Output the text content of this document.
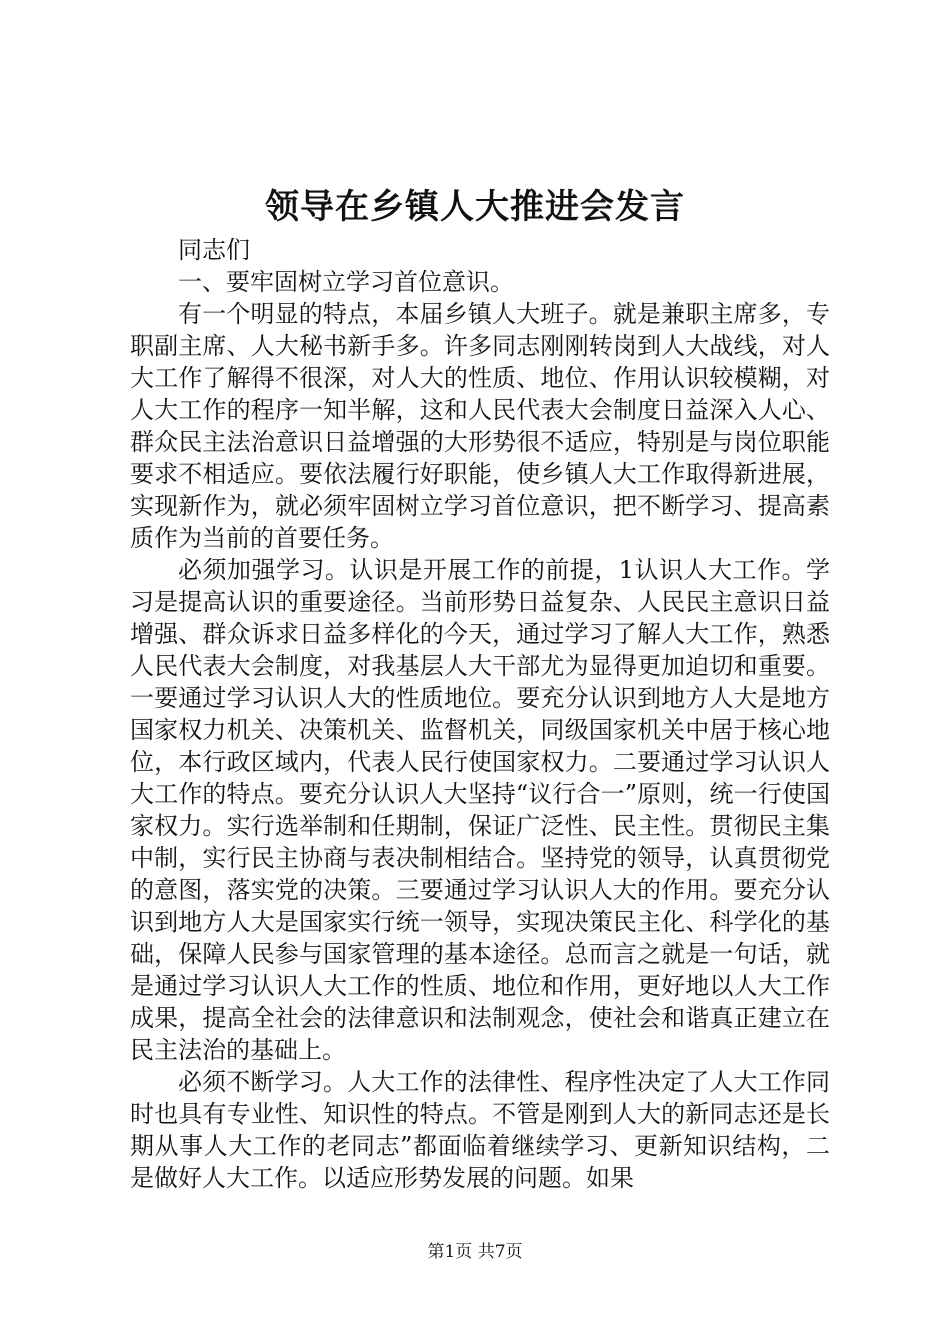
领导在乡镇人大推进会发言

同志们

一、要牢固树立学习首位意识。

有一个明显的特点，本届乡镇人大班子。就是兼职主席多，专职副主席、人大秘书新手多。许多同志刚刚转岗到人大战线，对人大工作了解得不很深，对人大的性质、地位、作用认识较模糊，对人大工作的程序一知半解，这和人民代表大会制度日益深入人心、群众民主法治意识日益增强的大形势很不适应，特别是与岗位职能要求不相适应。要依法履行好职能，使乡镇人大工作取得新进展，实现新作为，就必须牢固树立学习首位意识，把不断学习、提高素质作为当前的首要任务。

必须加强学习。认识是开展工作的前提，1认识人大工作。学习是提高认识的重要途径。当前形势日益复杂、人民民主意识日益增强、群众诉求日益多样化的今天，通过学习了解人大工作，熟悉人民代表大会制度，对我基层人大干部尤为显得更加迫切和重要。一要通过学习认识人大的性质地位。要充分认识到地方人大是地方国家权力机关、决策机关、监督机关，同级国家机关中居于核心地位，本行政区域内，代表人民行使国家权力。二要通过学习认识人大工作的特点。要充分认识人大坚持“议行合一”原则，统一行使国家权力。实行选举制和任期制，保证广泛性、民主性。贯彻民主集中制，实行民主协商与表决制相结合。坚持党的领导，认真贯彻党的意图，落实党的决策。三要通过学习认识人大的作用。要充分认识到地方人大是国家实行统一领导，实现决策民主化、科学化的基础，保障人民参与国家管理的基本途径。总而言之就是一句话，就是通过学习认识人大工作的性质、地位和作用，更好地以人大工作成果，提高全社会的法律意识和法制观念，使社会和谐真正建立在民主法治的基础上。

必须不断学习。人大工作的法律性、程序性决定了人大工作同时也具有专业性、知识性的特点。不管是刚到人大的新同志还是长期从事人大工作的老同志”都面临着继续学习、更新知识结构，二是做好人大工作。以适应形势发展的问题。如果

第1页 共7页
